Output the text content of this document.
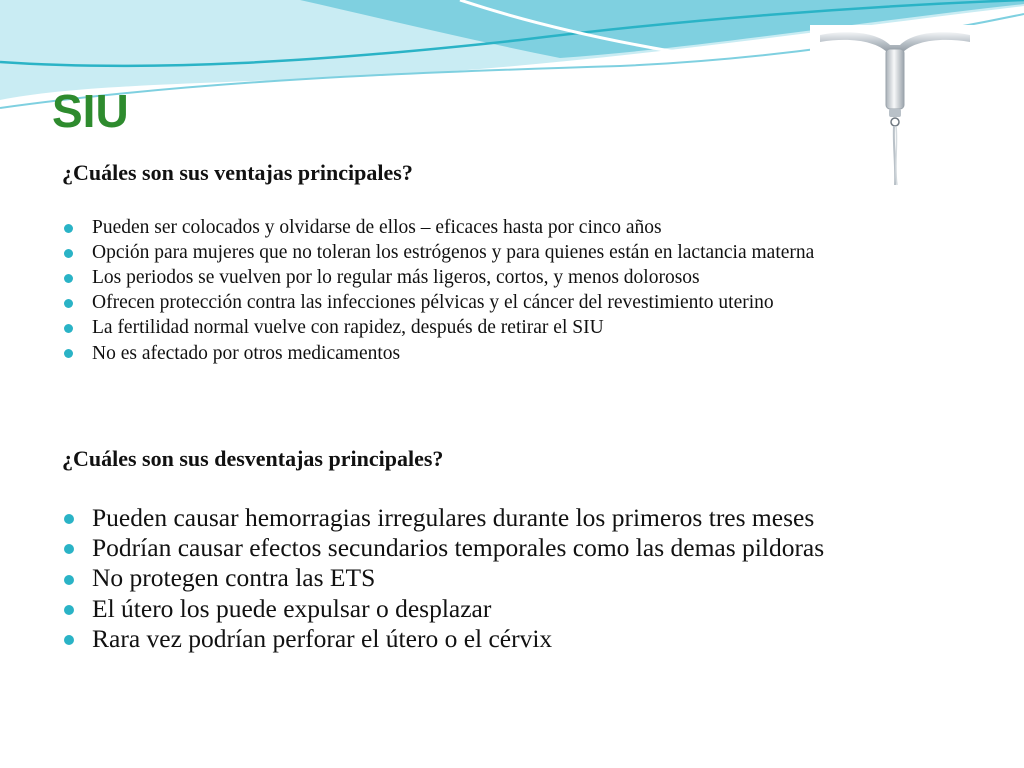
SIU

¿Cuáles son sus ventajas principales?

Pueden ser colocados y olvidarse de ellos – eficaces hasta por cinco años
Opción para mujeres que no toleran los estrógenos y para quienes están en lactancia materna
Los periodos se vuelven por lo regular más ligeros, cortos, y menos dolorosos
Ofrecen protección contra las infecciones pélvicas y el cáncer del revestimiento uterino
La fertilidad normal vuelve con rapidez, después de retirar el SIU
No es afectado por otros medicamentos

¿Cuáles son sus desventajas principales?

Pueden causar hemorragias irregulares durante los primeros tres meses
Podrían causar efectos secundarios temporales como las demas pildoras
No protegen contra las ETS
El útero los puede expulsar o desplazar
Rara vez podrían perforar el útero o el cérvix
